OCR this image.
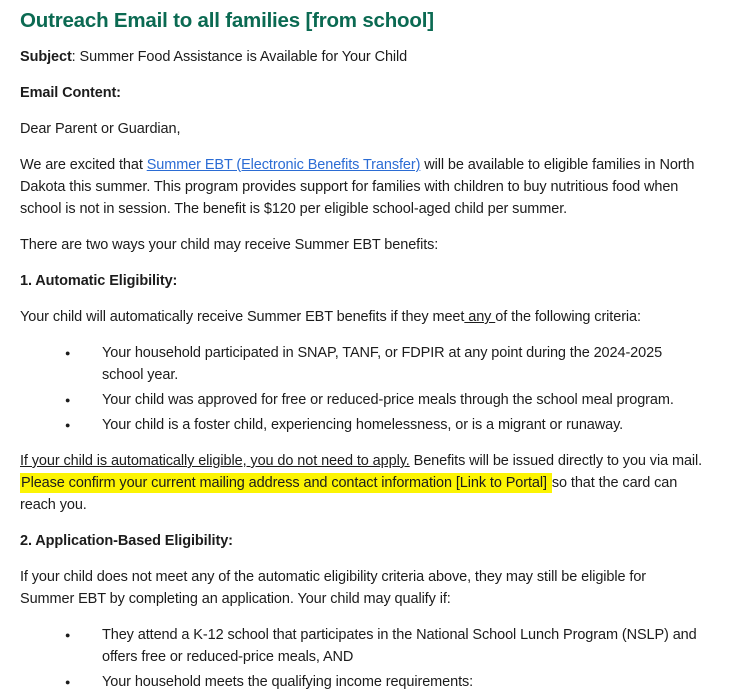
Outreach Email to all families [from school]

Subject: Summer Food Assistance is Available for Your Child

Email Content:

Dear Parent or Guardian,

We are excited that Summer EBT (Electronic Benefits Transfer) will be available to eligible families in North Dakota this summer. This program provides support for families with children to buy nutritious food when school is not in session. The benefit is $120 per eligible school-aged child per summer.

There are two ways your child may receive Summer EBT benefits:

1. Automatic Eligibility:

Your child will automatically receive Summer EBT benefits if they meet any of the following criteria:

● Your household participated in SNAP, TANF, or FDPIR at any point during the 2024-2025 school year.
● Your child was approved for free or reduced-price meals through the school meal program.
● Your child is a foster child, experiencing homelessness, or is a migrant or runaway.

If your child is automatically eligible, you do not need to apply. Benefits will be issued directly to you via mail. Please confirm your current mailing address and contact information [Link to Portal] so that the card can reach you.

2. Application-Based Eligibility:

If your child does not meet any of the automatic eligibility criteria above, they may still be eligible for Summer EBT by completing an application. Your child may qualify if:

● They attend a K-12 school that participates in the National School Lunch Program (NSLP) and offers free or reduced-price meals, AND
● Your household meets the qualifying income requirements:
